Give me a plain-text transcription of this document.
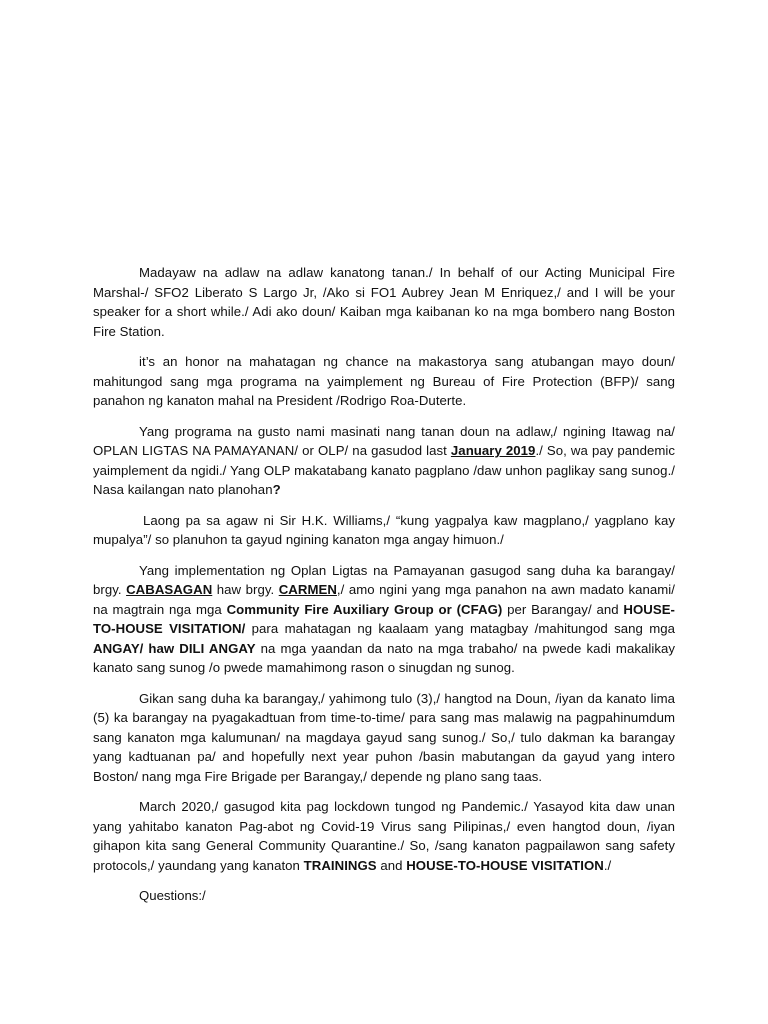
Madayaw na adlaw na adlaw kanatong tanan./ In behalf of our Acting Municipal Fire Marshal-/ SFO2 Liberato S Largo Jr, /Ako si FO1 Aubrey Jean M Enriquez,/ and I will be your speaker for a short while./ Adi ako doun/ Kaiban mga kaibanan ko na mga bombero nang Boston Fire Station.

it’s an honor na mahatagan ng chance na makastorya sang atubangan mayo doun/ mahitungod sang mga programa na yaimplement ng Bureau of Fire Protection (BFP)/ sang panahon ng kanaton mahal na President /Rodrigo Roa-Duterte.

Yang programa na gusto nami masinati nang tanan doun na adlaw,/ ngining Itawag na/ OPLAN LIGTAS NA PAMAYANAN/ or OLP/ na gasudod last January 2019./ So, wa pay pandemic yaimplement da ngidi./ Yang OLP makatabang kanato pagplano /daw unhon paglikay sang sunog./ Nasa kailangan nato planohan?

Laong pa sa agaw ni Sir H.K. Williams,/ “kung yagpalya kaw magplano,/ yagplano kay mupalya”/ so planuhon ta gayud ngining kanaton mga angay himuon./

Yang implementation ng Oplan Ligtas na Pamayanan gasugod sang duha ka barangay/ brgy. CABASAGAN haw brgy. CARMEN,/ amo ngini yang mga panahon na awn madato kanami/ na magtrain nga mga Community Fire Auxiliary Group or (CFAG) per Barangay/ and HOUSE-TO-HOUSE VISITATION/ para mahatagan ng kaalaam yang matagbay /mahitungod sang mga ANGAY/ haw DILI ANGAY na mga yaandan da nato na mga trabaho/ na pwede kadi makalikay kanato sang sunog /o pwede mamahimong rason o sinugdan ng sunog.

Gikan sang duha ka barangay,/ yahimong tulo (3),/ hangtod na Doun, /iyan da kanato lima (5) ka barangay na pyagakadtuan from time-to-time/ para sang mas malawig na pagpahinumdum sang kanaton mga kalumunan/ na magdaya gayud sang sunog./ So,/ tulo dakman ka barangay yang kadtuanan pa/ and hopefully next year puhon /basin mabutangan da gayud yang intero Boston/ nang mga Fire Brigade per Barangay,/ depende ng plano sang taas.

March 2020,/ gasugod kita pag lockdown tungod ng Pandemic./ Yasayod kita daw unan yang yahitabo kanaton Pag-abot ng Covid-19 Virus sang Pilipinas,/ even hangtod doun, /iyan gihapon kita sang General Community Quarantine./ So, /sang kanaton pagpailawon sang safety protocols,/ yaundang yang kanaton TRAININGS and HOUSE-TO-HOUSE VISITATION./

Questions:/
